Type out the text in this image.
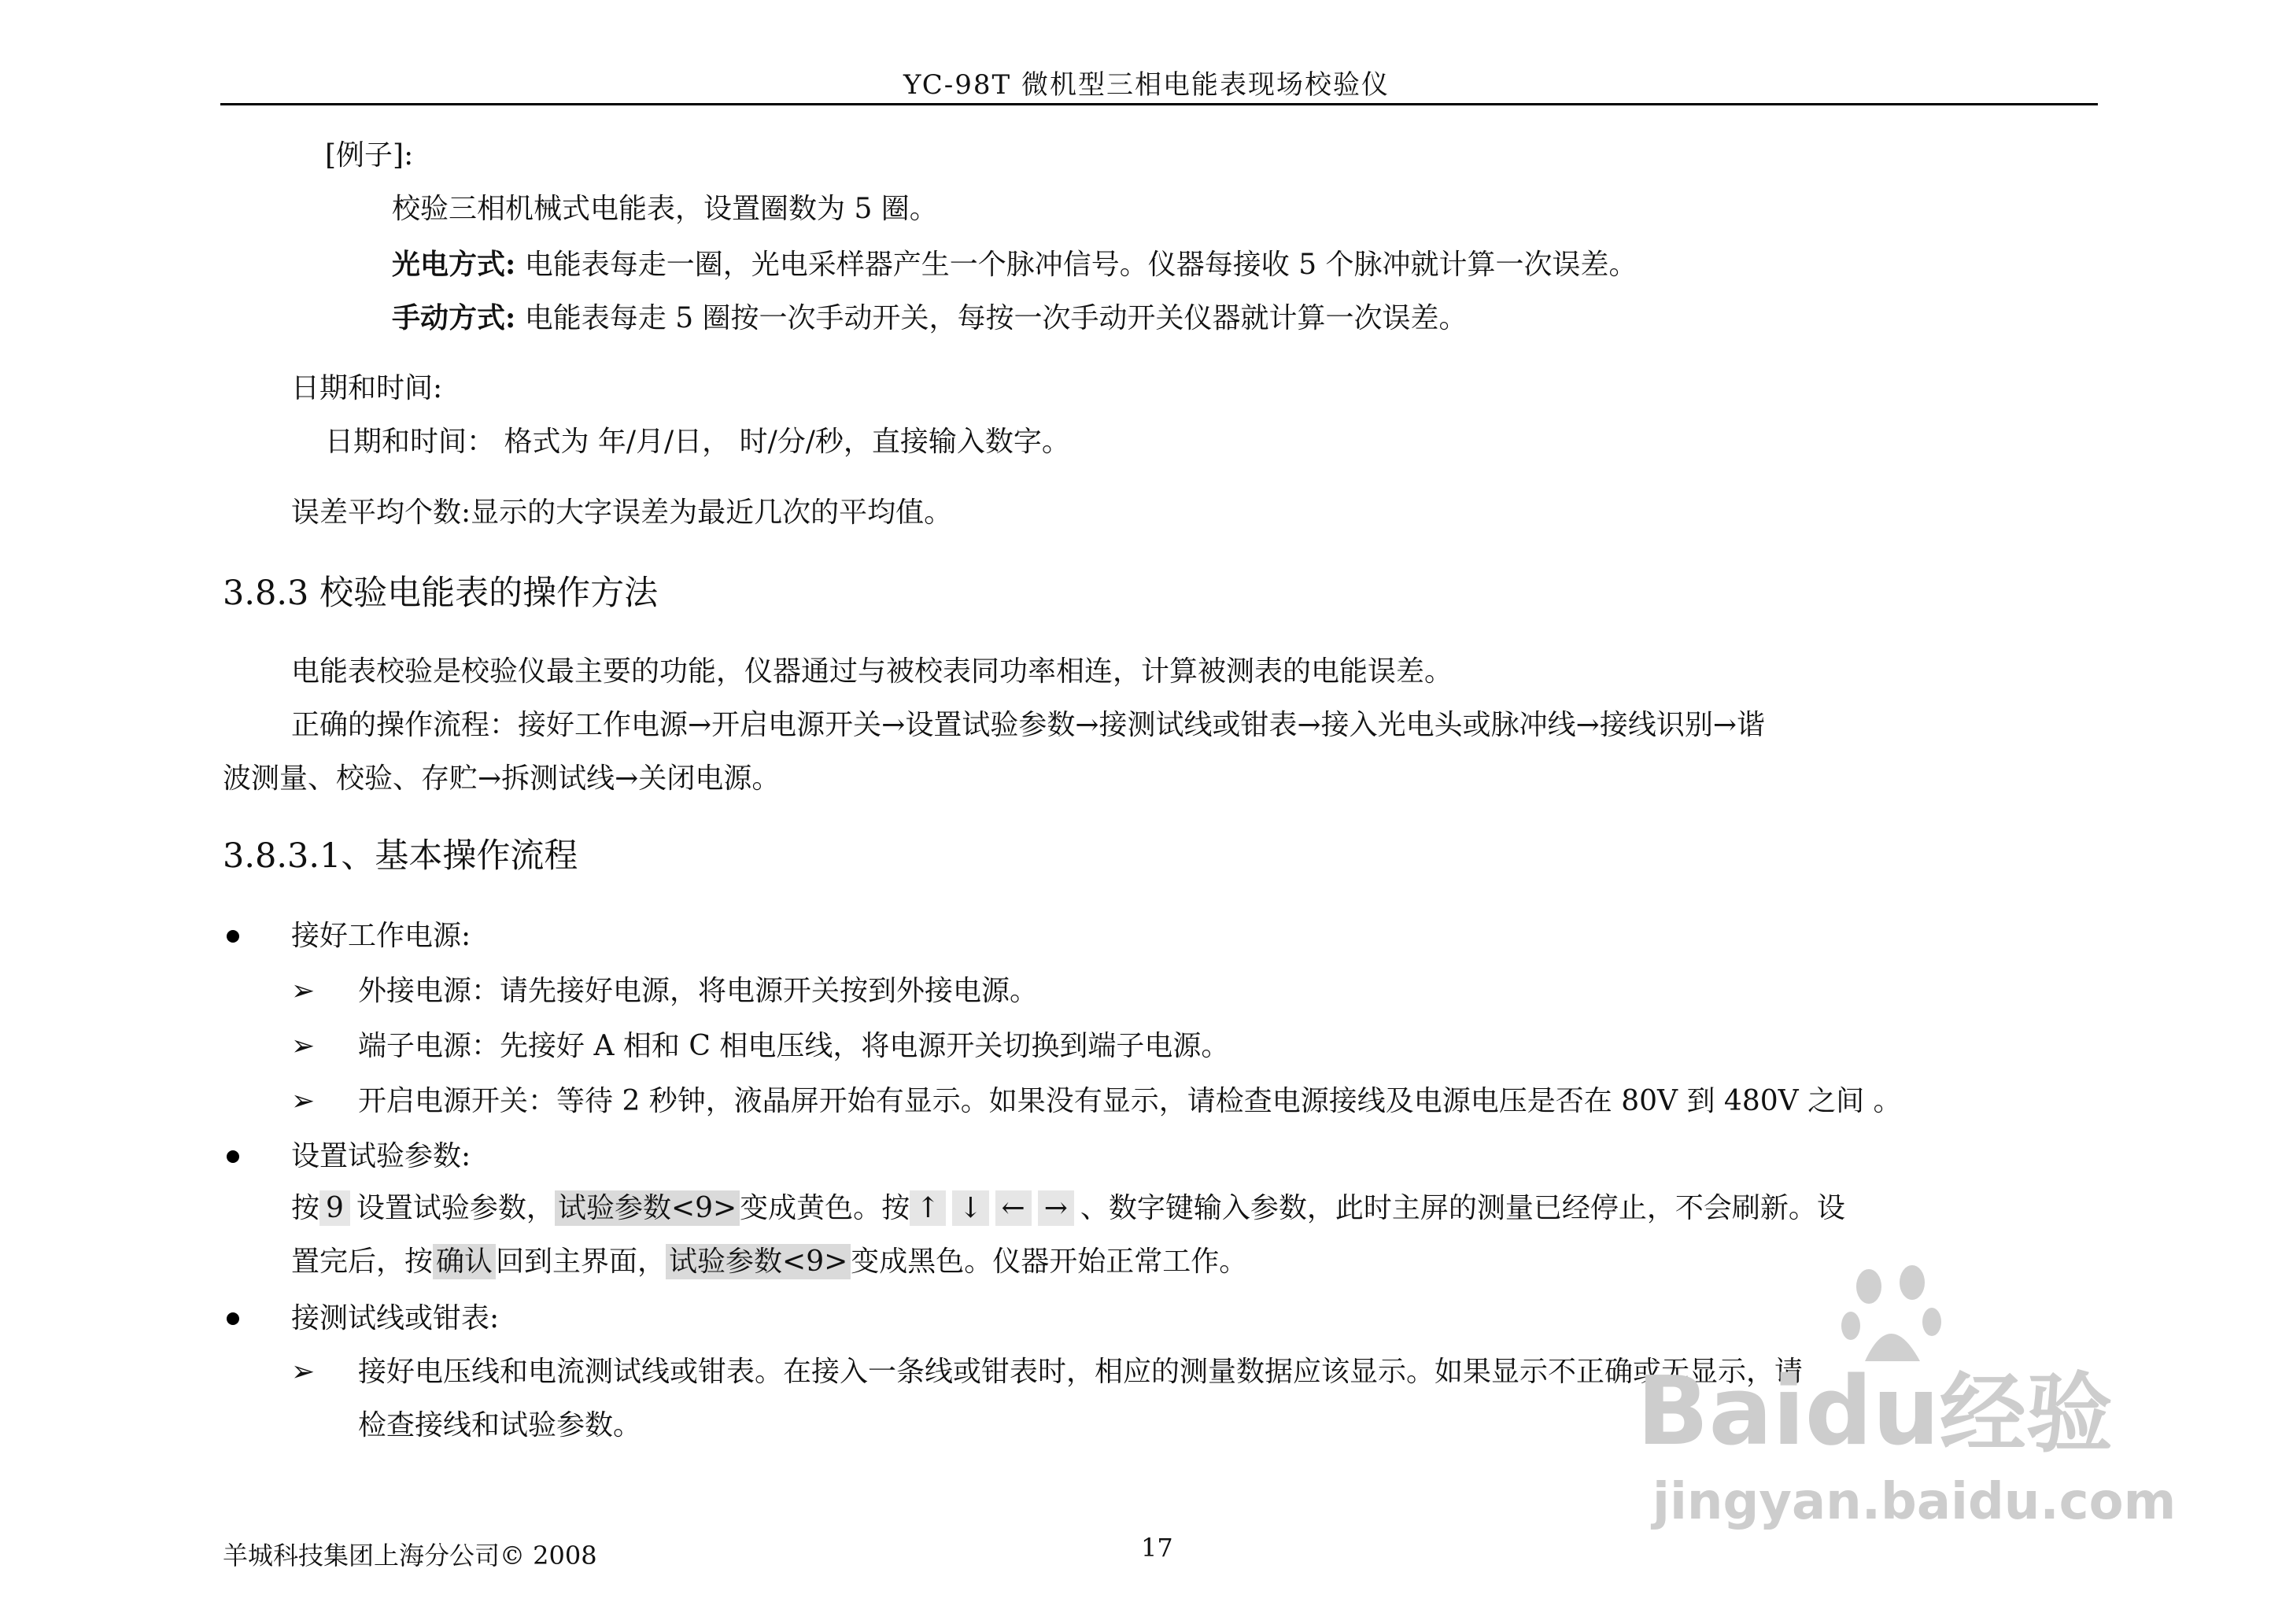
YC-98T 微机型三相电能表现场校验仪
[例子]:
校验三相机械式电能表，设置圈数为 5 圈。
光电方式: 电能表每走一圈，光电采样器产生一个脉冲信号。仪器每接收 5 个脉冲就计算一次误差。
手动方式: 电能表每走 5 圈按一次手动开关，每按一次手动开关仪器就计算一次误差。
日期和时间:
日期和时间： 格式为 年/月/日， 时/分/秒，直接输入数字。
误差平均个数:显示的大字误差为最近几次的平均值。
3.8.3 校验电能表的操作方法
电能表校验是校验仪最主要的功能，仪器通过与被校表同功率相连，计算被测表的电能误差。
正确的操作流程：接好工作电源→开启电源开关→设置试验参数→接测试线或钳表→接入光电头或脉冲线→接线识别→谐
波测量、校验、存贮→拆测试线→关闭电源。
3.8.3.1、基本操作流程
接好工作电源:
➢ 外接电源：请先接好电源，将电源开关按到外接电源。
➢ 端子电源：先接好 A 相和 C 相电压线，将电源开关切换到端子电源。
➢ 开启电源开关：等待 2 秒钟，液晶屏开始有显示。如果没有显示，请检查电源接线及电源电压是否在 80V 到 480V 之间 。
设置试验参数:
按 9 设置试验参数， 试验参数<9> 变成黄色。按 ↑ ↓ ← → 、数字键输入参数，此时主屏的测量已经停止，不会刷新。设
置完后，按 确认 回到主界面， 试验参数<9> 变成黑色。仪器开始正常工作。
接测试线或钳表:
➢ 接好电压线和电流测试线或钳表。在接入一条线或钳表时，相应的测量数据应该显示。如果显示不正确或无显示，请
检查接线和试验参数。
羊城科技集团上海分公司© 2008	17
Baidu经验
jingyan.baidu.com
